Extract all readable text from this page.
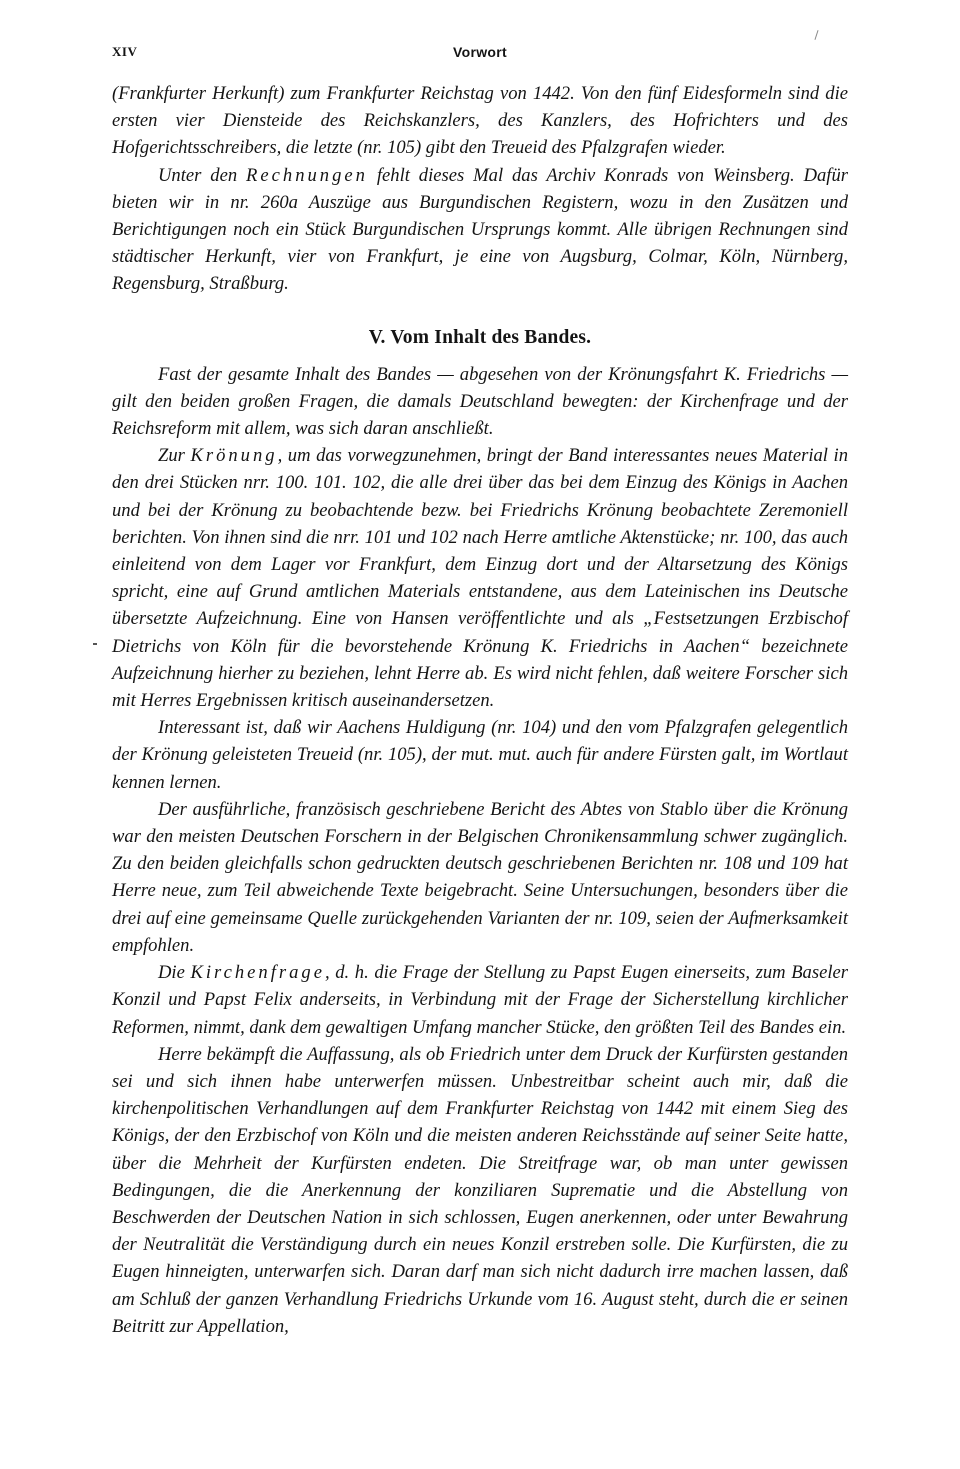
XIV	Vorwort

(Frankfurter Herkunft) zum Frankfurter Reichstag von 1442. Von den fünf Eidesformeln sind die ersten vier Diensteide des Reichskanzlers, des Kanzlers, des Hofrichters und des Hofgerichtsschreibers, die letzte (nr. 105) gibt den Treueid des Pfalzgrafen wieder.

Unter den Rechnungen fehlt dieses Mal das Archiv Konrads von Weinsberg. Dafür bieten wir in nr. 260a Auszüge aus Burgundischen Registern, wozu in den Zusätzen und Berichtigungen noch ein Stück Burgundischen Ursprungs kommt. Alle übrigen Rechnungen sind städtischer Herkunft, vier von Frankfurt, je eine von Augsburg, Colmar, Köln, Nürnberg, Regensburg, Straßburg.

V. Vom Inhalt des Bandes.

Fast der gesamte Inhalt des Bandes — abgesehen von der Krönungsfahrt K. Friedrichs — gilt den beiden großen Fragen, die damals Deutschland bewegten: der Kirchenfrage und der Reichsreform mit allem, was sich daran anschließt.

Zur Krönung, um das vorwegzunehmen, bringt der Band interessantes neues Material in den drei Stücken nrr. 100. 101. 102, die alle drei über das bei dem Einzug des Königs in Aachen und bei der Krönung zu beobachtende bezw. bei Friedrichs Krönung beobachtete Zeremoniell berichten. Von ihnen sind die nrr. 101 und 102 nach Herre amtliche Aktenstücke; nr. 100, das auch einleitend von dem Lager vor Frankfurt, dem Einzug dort und der Altarsetzung des Königs spricht, eine auf Grund amtlichen Materials entstandene, aus dem Lateinischen ins Deutsche übersetzte Aufzeichnung. Eine von Hansen veröffentlichte und als „Festsetzungen Erzbischof Dietrichs von Köln für die bevorstehende Krönung K. Friedrichs in Aachen“ bezeichnete Aufzeichnung hierher zu beziehen, lehnt Herre ab. Es wird nicht fehlen, daß weitere Forscher sich mit Herres Ergebnissen kritisch auseinandersetzen.

Interessant ist, daß wir Aachens Huldigung (nr. 104) und den vom Pfalzgrafen gelegentlich der Krönung geleisteten Treueid (nr. 105), der mut. mut. auch für andere Fürsten galt, im Wortlaut kennen lernen.

Der ausführliche, französisch geschriebene Bericht des Abtes von Stablo über die Krönung war den meisten Deutschen Forschern in der Belgischen Chronikensammlung schwer zugänglich. Zu den beiden gleichfalls schon gedruckten deutsch geschriebenen Berichten nr. 108 und 109 hat Herre neue, zum Teil abweichende Texte beigebracht. Seine Untersuchungen, besonders über die drei auf eine gemeinsame Quelle zurückgehenden Varianten der nr. 109, seien der Aufmerksamkeit empfohlen.

Die Kirchenfrage, d. h. die Frage der Stellung zu Papst Eugen einerseits, zum Baseler Konzil und Papst Felix anderseits, in Verbindung mit der Frage der Sicherstellung kirchlicher Reformen, nimmt, dank dem gewaltigen Umfang mancher Stücke, den größten Teil des Bandes ein.

Herre bekämpft die Auffassung, als ob Friedrich unter dem Druck der Kurfürsten gestanden sei und sich ihnen habe unterwerfen müssen. Unbestreitbar scheint auch mir, daß die kirchenpolitischen Verhandlungen auf dem Frankfurter Reichstag von 1442 mit einem Sieg des Königs, der den Erzbischof von Köln und die meisten anderen Reichsstände auf seiner Seite hatte, über die Mehrheit der Kurfürsten endeten. Die Streitfrage war, ob man unter gewissen Bedingungen, die die Anerkennung der konziliaren Suprematie und die Abstellung von Beschwerden der Deutschen Nation in sich schlossen, Eugen anerkennen, oder unter Bewahrung der Neutralität die Verständigung durch ein neues Konzil erstreben solle. Die Kurfürsten, die zu Eugen hinneigten, unterwarfen sich. Daran darf man sich nicht dadurch irre machen lassen, daß am Schluß der ganzen Verhandlung Friedrichs Urkunde vom 16. August steht, durch die er seinen Beitritt zur Appellation,
